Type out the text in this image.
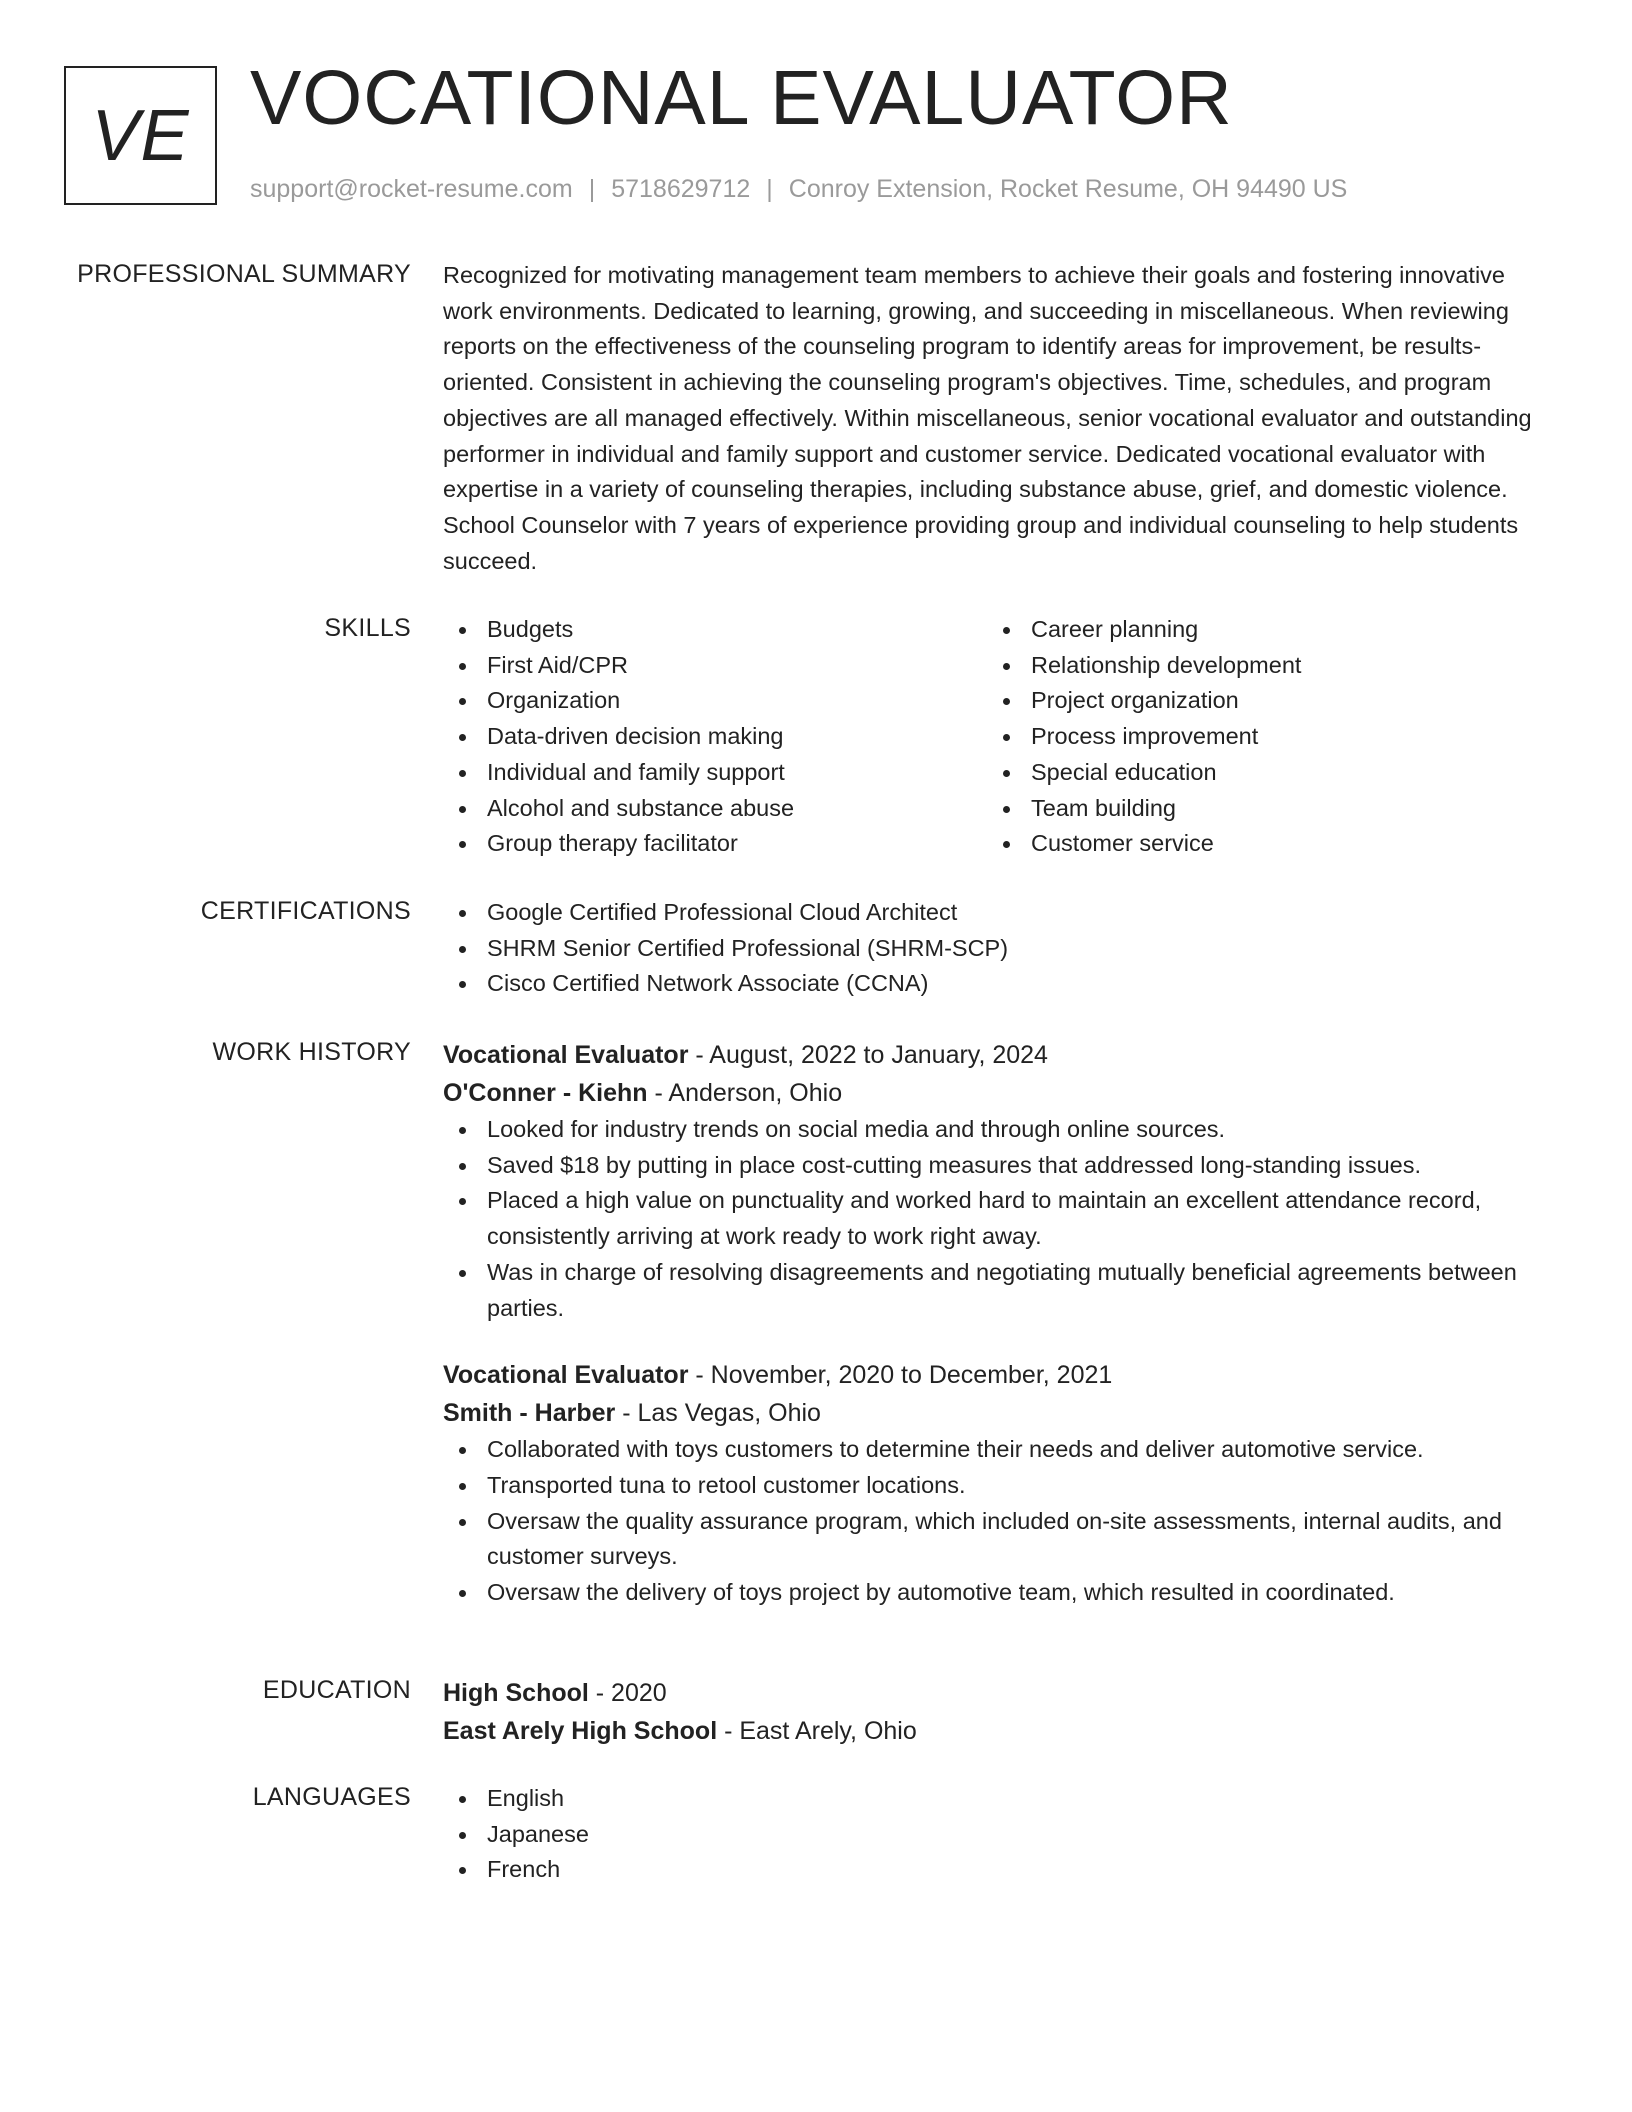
VE VOCATIONAL EVALUATOR
support@rocket-resume.com | 5718629712 | Conroy Extension, Rocket Resume, OH 94490 US
PROFESSIONAL SUMMARY Recognized for motivating management team members to achieve their goals and fostering innovative work environments. Dedicated to learning, growing, and succeeding in miscellaneous. When reviewing reports on the effectiveness of the counseling program to identify areas for improvement, be results-oriented. Consistent in achieving the counseling program's objectives. Time, schedules, and program objectives are all managed effectively. Within miscellaneous, senior vocational evaluator and outstanding performer in individual and family support and customer service. Dedicated vocational evaluator with expertise in a variety of counseling therapies, including substance abuse, grief, and domestic violence. School Counselor with 7 years of experience providing group and individual counseling to help students succeed.

SKILLS	Budgets
First Aid/CPR
Organization
Data-driven decision making
Individual and family support
Alcohol and substance abuse
Group therapy facilitator
Career planning
Relationship development
Project organization
Process improvement
Special education
Team building
Customer service
CERTIFICATIONS	Google Certified Professional Cloud Architect
SHRM Senior Certified Professional (SHRM-SCP)
Cisco Certified Network Associate (CCNA)
WORK HISTORY Vocational Evaluator - August, 2022 to January, 2024
O'Conner - Kiehn - Anderson, Ohio
Looked for industry trends on social media and through online sources.
Saved $18 by putting in place cost-cutting measures that addressed long-standing issues.
Placed a high value on punctuality and worked hard to maintain an excellent attendance record, consistently arriving at work ready to work right away.
Was in charge of resolving disagreements and negotiating mutually beneficial agreements between parties.
Vocational Evaluator - November, 2020 to December, 2021
Smith - Harber - Las Vegas, Ohio
Collaborated with toys customers to determine their needs and deliver automotive service.
Transported tuna to retool customer locations.
Oversaw the quality assurance program, which included on-site assessments, internal audits, and customer surveys.
Oversaw the delivery of toys project by automotive team, which resulted in coordinated.
EDUCATION High School - 2020
East Arely High School - East Arely, Ohio
LANGUAGES	English
Japanese
French
